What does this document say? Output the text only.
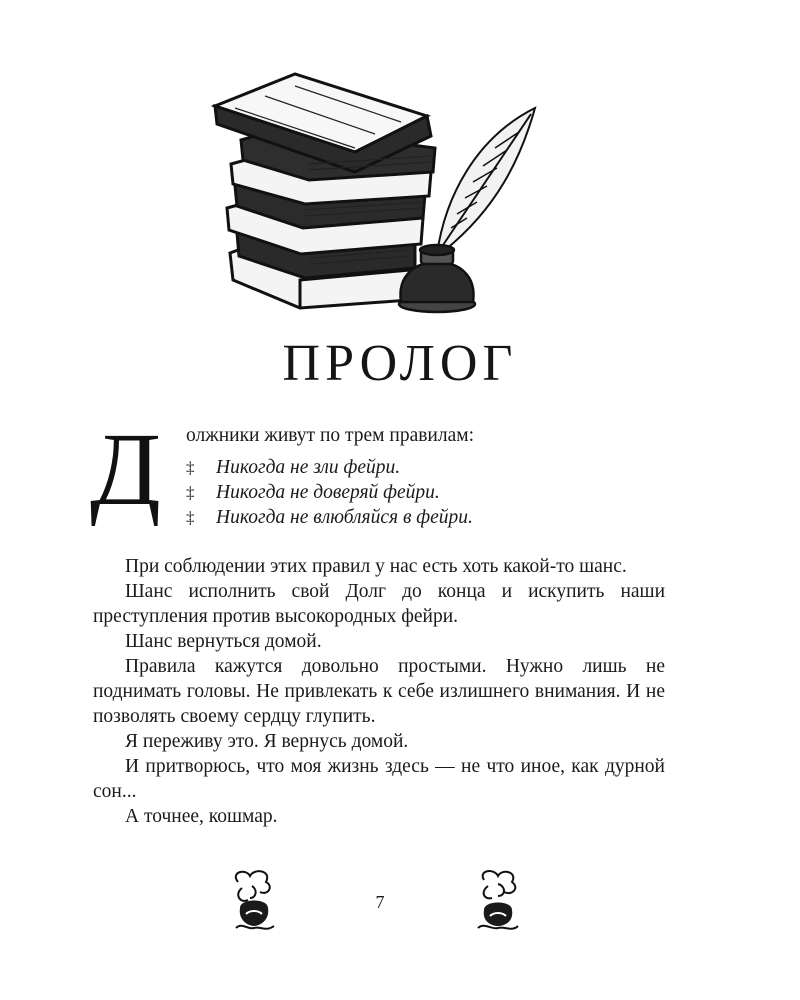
ПРОЛОГ
Д олжники живут по трем правилам:
‡ Никогда не зли фейри.
‡ Никогда не доверяй фейри.
‡ Никогда не влюбляйся в фейри.

При соблюдении этих правил у нас есть хоть какой-то шанс.

Шанс исполнить свой Долг до конца и искупить наши преступления против высокородных фейри.

Шанс вернуться домой.

Правила кажутся довольно простыми. Нужно лишь не поднимать головы. Не привлекать к себе излишнего внимания. И не позволять своему сердцу глупить.

Я переживу это. Я вернусь домой.

И притворюсь, что моя жизнь здесь — не что иное, как дурной сон...

А точнее, кошмар.

7
